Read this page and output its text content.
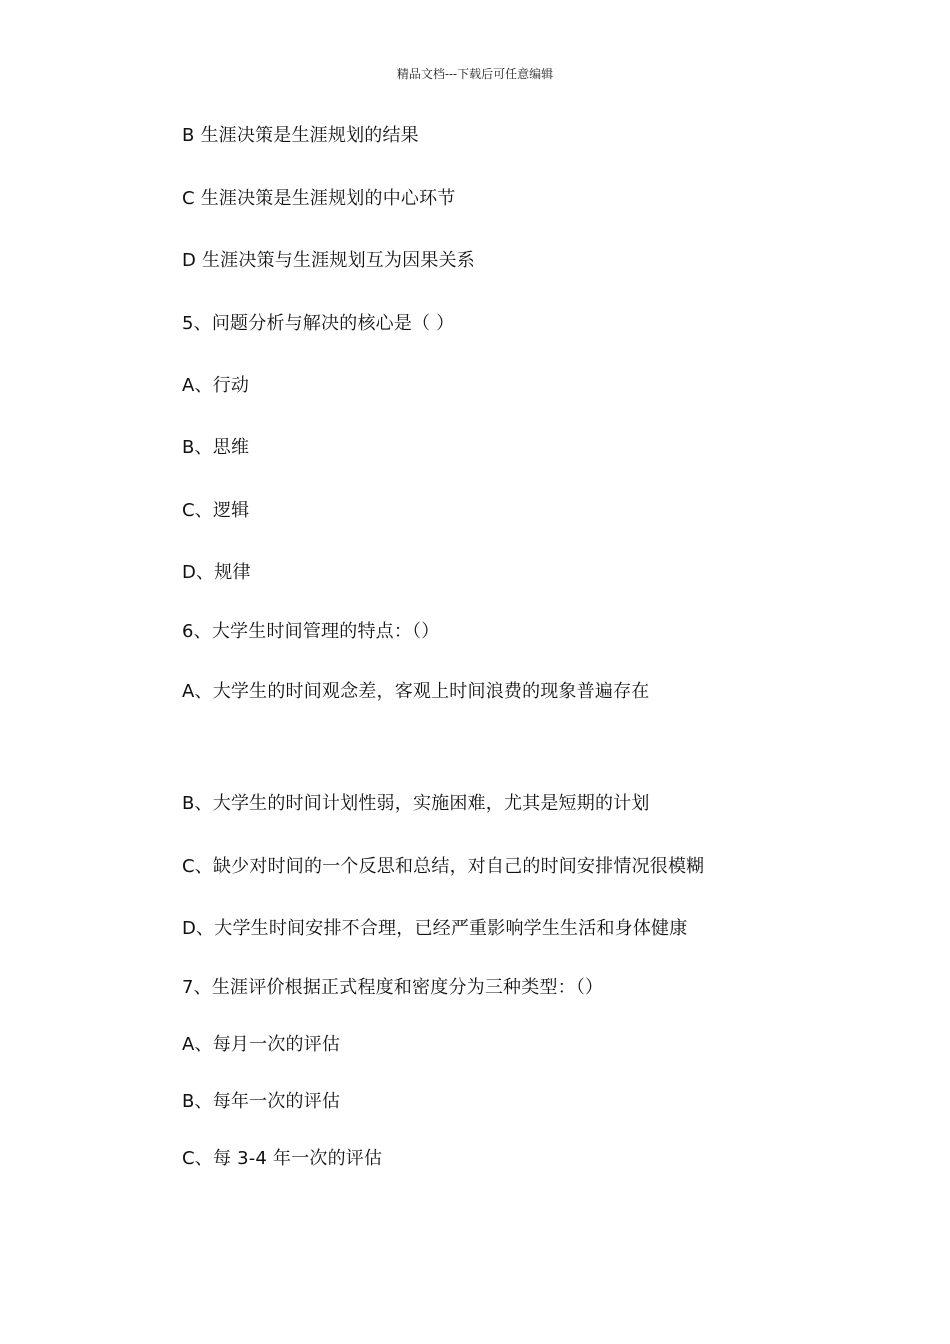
精品文档---下载后可任意编辑
B 生涯决策是生涯规划的结果
C 生涯决策是生涯规划的中心环节
D 生涯决策与生涯规划互为因果关系
5、问题分析与解决的核心是（ ）
A、行动
B、思维
C、逻辑
D、规律
6、大学生时间管理的特点：（）
A、大学生的时间观念差，客观上时间浪费的现象普遍存在
B、大学生的时间计划性弱，实施困难，尤其是短期的计划
C、缺少对时间的一个反思和总结，对自己的时间安排情况很模糊
D、大学生时间安排不合理，已经严重影响学生生活和身体健康
7、生涯评价根据正式程度和密度分为三种类型：（）
A、每月一次的评估
B、每年一次的评估
C、每 3-4 年一次的评估
